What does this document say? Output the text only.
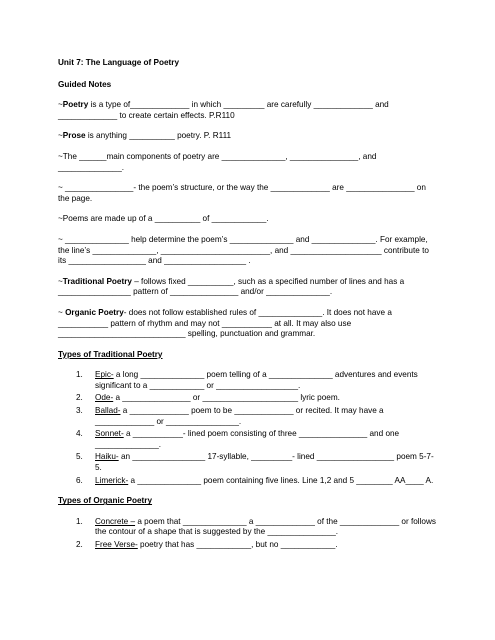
Unit 7: The Language of Poetry

Guided Notes

~Poetry is a type of_____________ in which _________ are carefully _____________ and _____________ to create certain effects. P.R110

~Prose is anything __________ poetry. P. R111

~The ______main components of poetry are ______________, _______________, and ______________.

~ _______________- the poem’s structure, or the way the _____________ are _______________ on the page.

~Poems are made up of a __________ of ____________.

~ ______________ help determine the poem’s ______________ and ______________. For example, the line’s ______________, ________________________, and ____________________ contribute to its _________________ and __________________ .

~Traditional Poetry – follows fixed __________, such as a specified number of lines and has a ________________ pattern of _______________ and/or ______________.

~ Organic Poetry- does not follow established rules of ______________. It does not have a ___________ pattern of rhythm and may not ___________ at all. It may also use ____________________________ spelling, punctuation and grammar.

Types of Traditional Poetry

1. Epic- a long ______________ poem telling of a ______________ adventures and events significant to a ____________ or __________________.
2. Ode- a _______________ or _____________________ lyric poem.
3. Ballad- a _____________ poem to be _____________ or recited. It may have a _____________ or ________________.
4. Sonnet- a ___________- lined poem consisting of three _______________ and one ______________.
5. Haiku- an ________________ 17-syllable, _________- lined _________________ poem 5-7-5.
6. Limerick- a ______________ poem containing five lines. Line 1,2 and 5 ________ AA____ A.

Types of Organic Poetry

1. Concrete – a poem that ______________ a _____________ of the _____________ or follows the contour of a shape that is suggested by the _______________.
2. Free Verse- poetry that has ____________, but no ____________.
